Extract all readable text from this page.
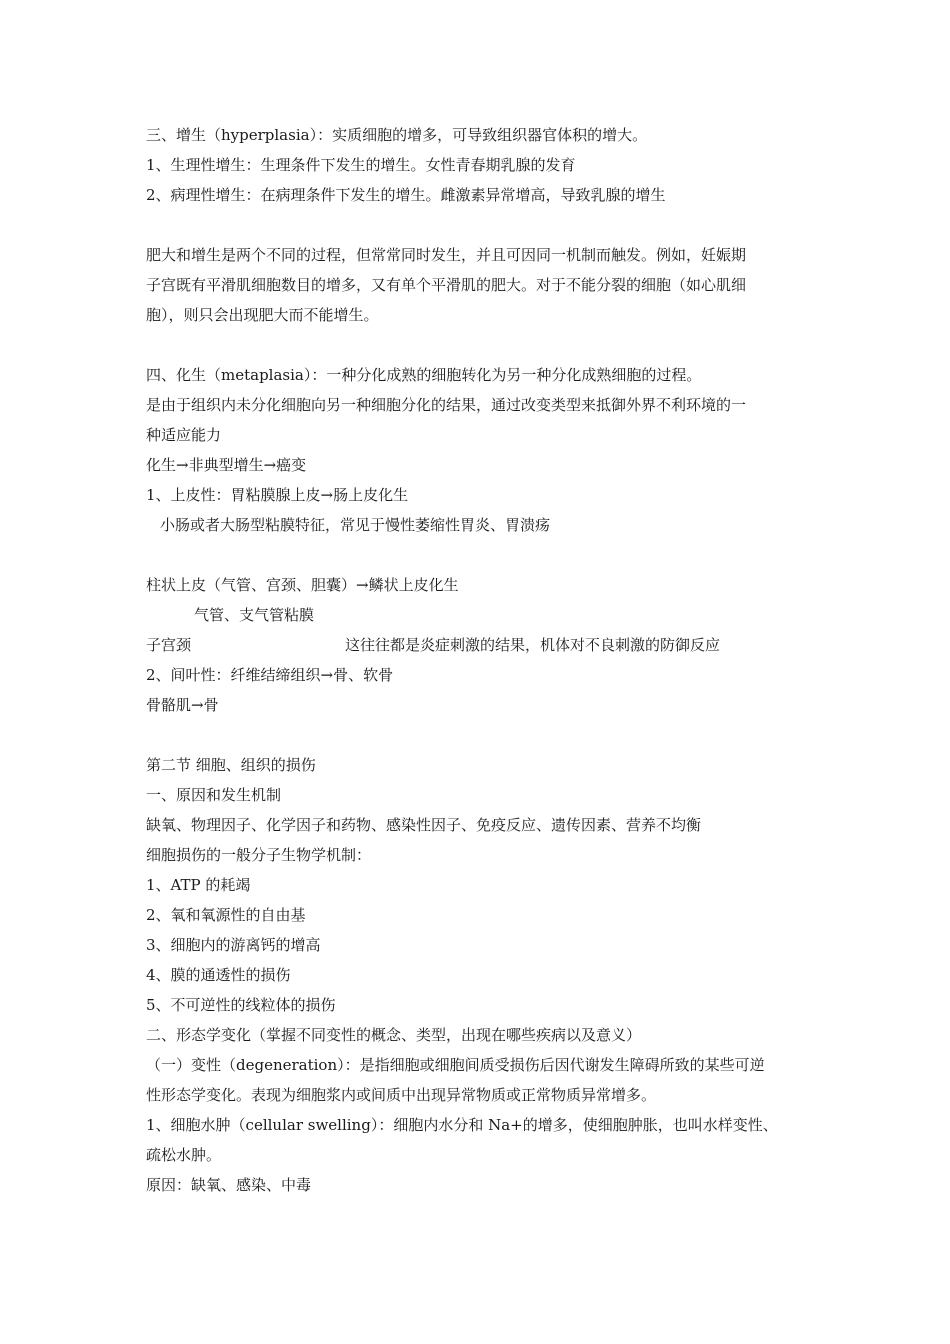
三、增生（hyperplasia）：实质细胞的增多，可导致组织器官体积的增大。
1、生理性增生：生理条件下发生的增生。女性青春期乳腺的发育
2、病理性增生：在病理条件下发生的增生。雌激素异常增高，导致乳腺的增生
肥大和增生是两个不同的过程，但常常同时发生，并且可因同一机制而触发。例如，妊娠期
子宫既有平滑肌细胞数目的增多，又有单个平滑肌的肥大。对于不能分裂的细胞（如心肌细
胞），则只会出现肥大而不能增生。
四、化生（metaplasia）：一种分化成熟的细胞转化为另一种分化成熟细胞的过程。
是由于组织内未分化细胞向另一种细胞分化的结果，通过改变类型来抵御外界不利环境的一
种适应能力
化生→非典型增生→癌变
1、上皮性：胃粘膜腺上皮→肠上皮化生
小肠或者大肠型粘膜特征，常见于慢性萎缩性胃炎、胃溃疡
柱状上皮（气管、宫颈、胆囊）→鳞状上皮化生
气管、支气管粘膜
子宫颈	这往往都是炎症刺激的结果，机体对不良刺激的防御反应
2、间叶性：纤维结缔组织→骨、软骨
骨骼肌→骨
第二节 细胞、组织的损伤
一、原因和发生机制
缺氧、物理因子、化学因子和药物、感染性因子、免疫反应、遗传因素、营养不均衡
细胞损伤的一般分子生物学机制：
1、ATP 的耗竭
2、氧和氧源性的自由基
3、细胞内的游离钙的增高
4、膜的通透性的损伤
5、不可逆性的线粒体的损伤
二、形态学变化（掌握不同变性的概念、类型，出现在哪些疾病以及意义）
（一）变性（degeneration）：是指细胞或细胞间质受损伤后因代谢发生障碍所致的某些可逆
性形态学变化。表现为细胞浆内或间质中出现异常物质或正常物质异常增多。
1、细胞水肿（cellular swelling）：细胞内水分和 Na+的增多，使细胞肿胀，也叫水样变性、
疏松水肿。
原因：缺氧、感染、中毒
